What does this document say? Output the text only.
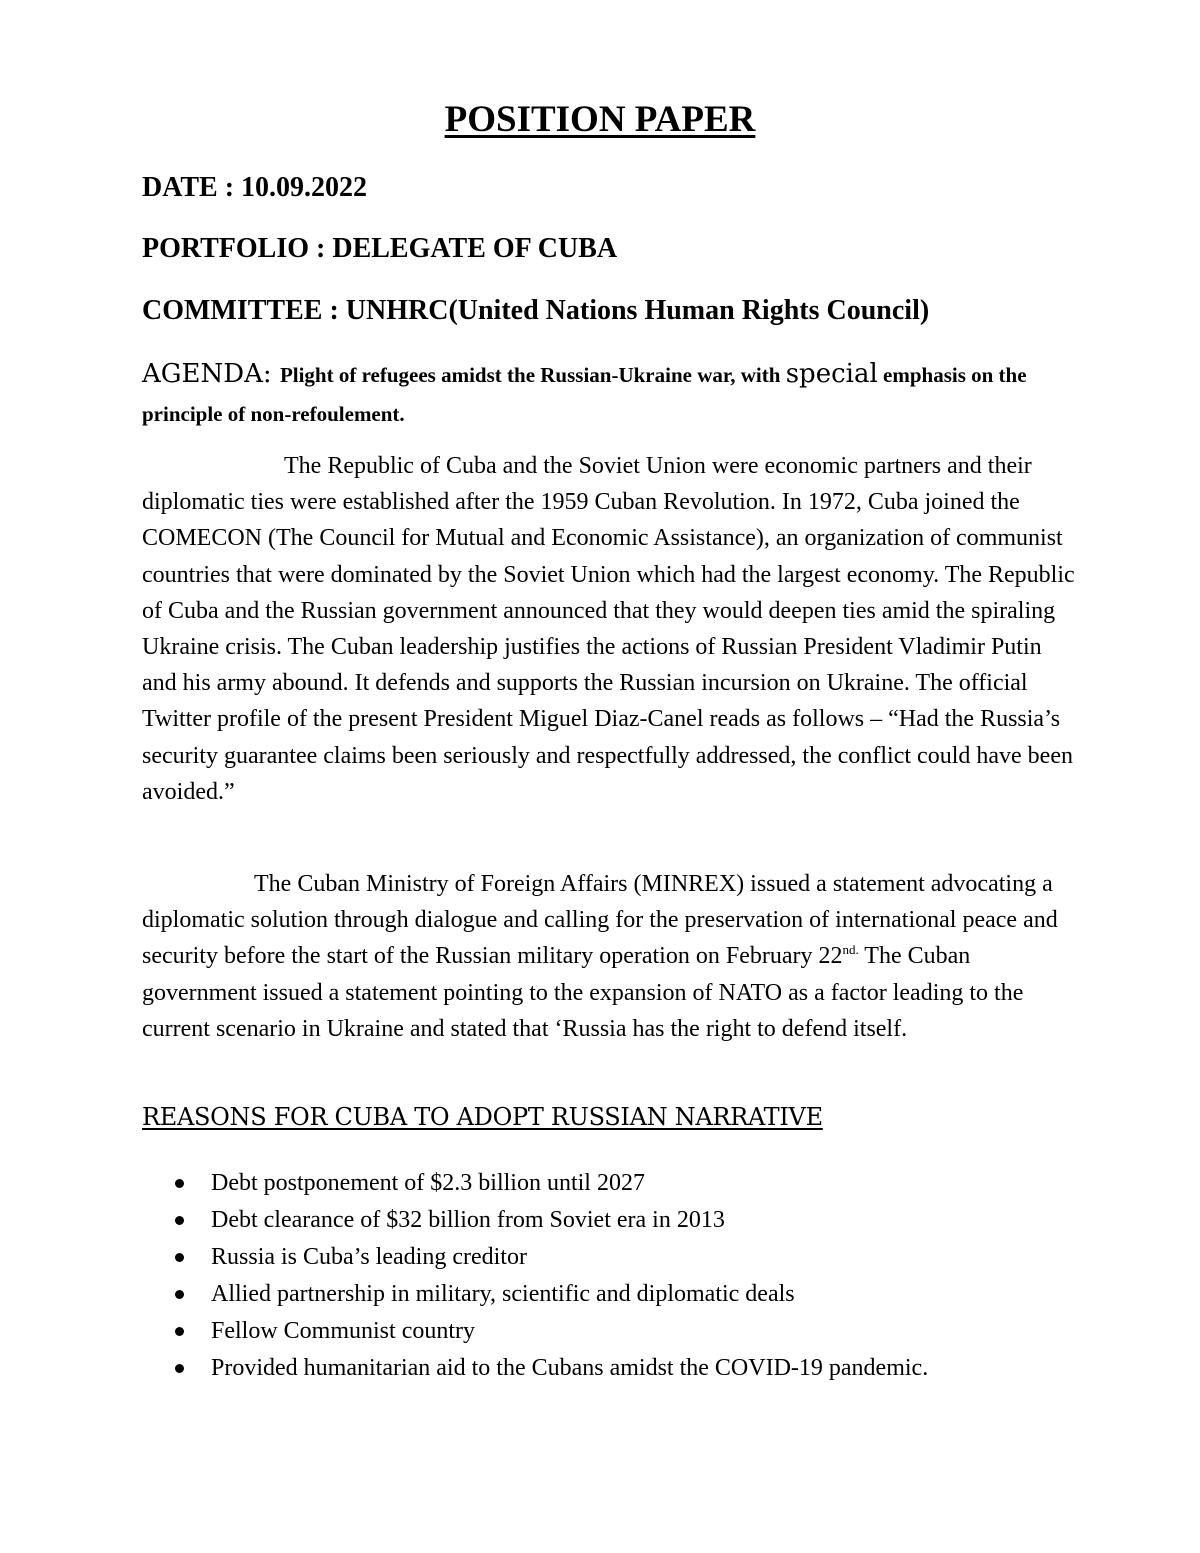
POSITION PAPER

DATE : 10.09.2022

PORTFOLIO : DELEGATE OF CUBA

COMMITTEE : UNHRC(United Nations Human Rights Council)

AGENDA: Plight of refugees amidst the Russian-Ukraine war, with special emphasis on the principle of non-refoulement.

The Republic of Cuba and the Soviet Union were economic partners and their diplomatic ties were established after the 1959 Cuban Revolution. In 1972, Cuba joined the COMECON (The Council for Mutual and Economic Assistance), an organization of communist countries that were dominated by the Soviet Union which had the largest economy. The Republic of Cuba and the Russian government announced that they would deepen ties amid the spiraling Ukraine crisis. The Cuban leadership justifies the actions of Russian President Vladimir Putin and his army abound. It defends and supports the Russian incursion on Ukraine. The official Twitter profile of the present President Miguel Diaz-Canel reads as follows – “Had the Russia’s security guarantee claims been seriously and respectfully addressed, the conflict could have been avoided.”

The Cuban Ministry of Foreign Affairs (MINREX) issued a statement advocating a diplomatic solution through dialogue and calling for the preservation of international peace and security before the start of the Russian military operation on February $22^{nd.}$ The Cuban government issued a statement pointing to the expansion of NATO as a factor leading to the current scenario in Ukraine and stated that ‘Russia has the right to defend itself.

REASONS FOR CUBA TO ADOPT RUSSIAN NARRATIVE
Debt postponement of $2.3 billion until 2027
Debt clearance of $32 billion from Soviet era in 2013
Russia is Cuba’s leading creditor
Allied partnership in military, scientific and diplomatic deals
Fellow Communist country
Provided humanitarian aid to the Cubans amidst the COVID-19 pandemic.
